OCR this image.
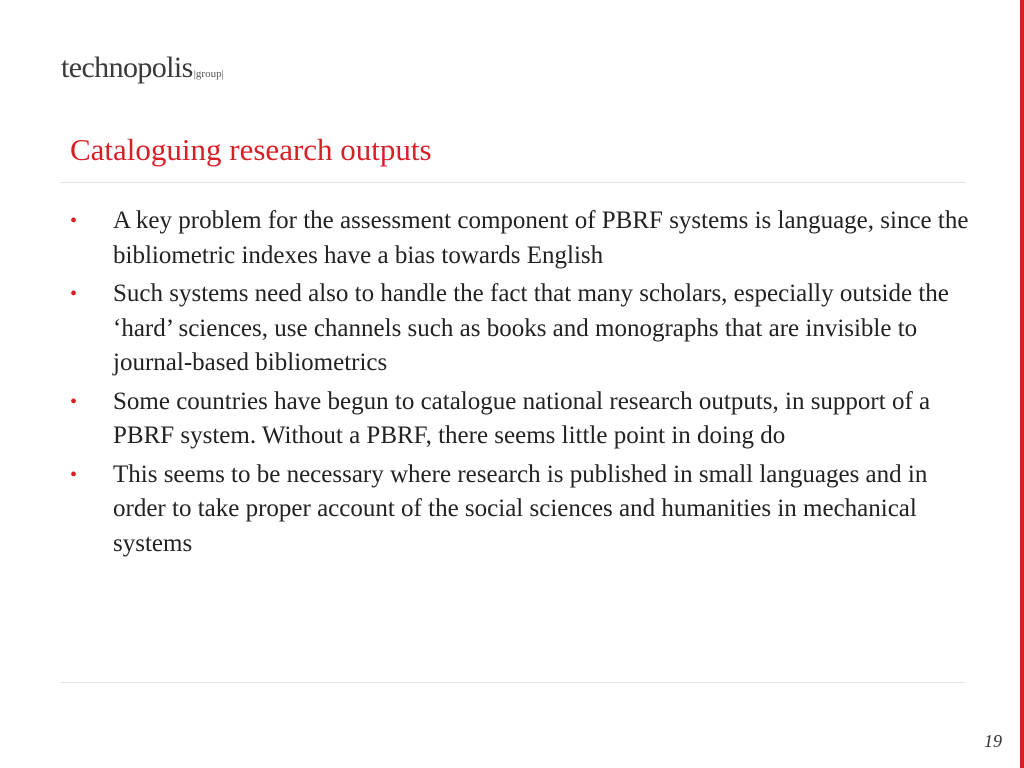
technopolis |group|
Cataloguing research outputs
• A key problem for the assessment component of PBRF systems is language, since the bibliometric indexes have a bias towards English
• Such systems need also to handle the fact that many scholars, especially outside the ‘hard’ sciences, use channels such as books and monographs that are invisible to journal-based bibliometrics
• Some countries have begun to catalogue national research outputs, in support of a PBRF system. Without a PBRF, there seems little point in doing do
• This seems to be necessary where research is published in small languages and in order to take proper account of the social sciences and humanities in mechanical systems
19
